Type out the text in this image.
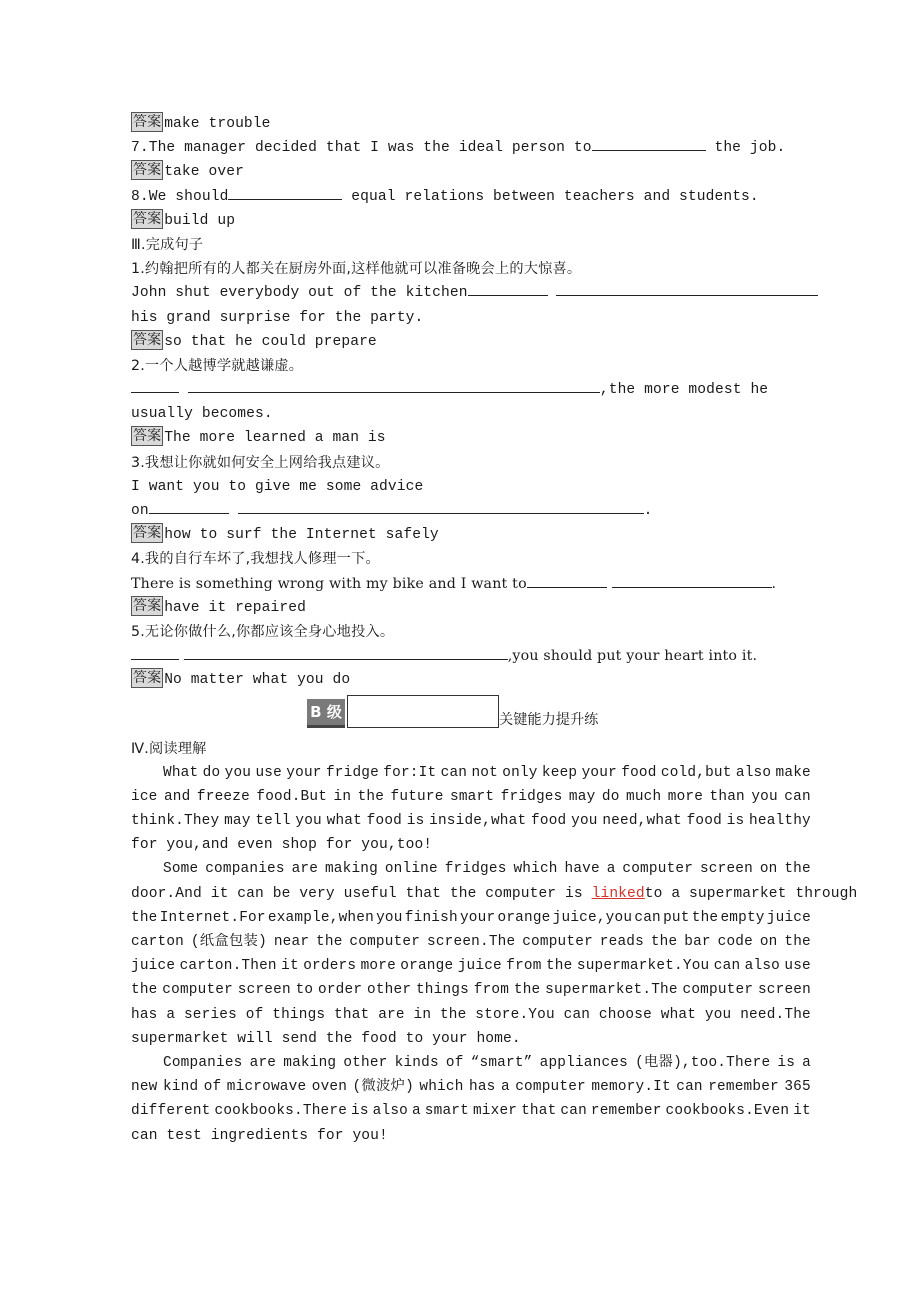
答案 make trouble
7.The manager decided that I was the ideal person to	the job.
答案 take over
8.We should	equal relations between teachers and students.
答案 build up
Ⅲ.完成句子
1.约翰把所有的人都关在厨房外面,这样他就可以准备晚会上的大惊喜。
John shut everybody out of the kitchen
his grand surprise for the party.
答案 so that he could prepare
2.一个人越博学就越谦虚。
,the more modest he
usually becomes.
答案 The more learned a man is
3.我想让你就如何安全上网给我点建议。
I want you to give me some advice
on	.
答案 how to surf the Internet safely
4.我的自行车坏了,我想找人修理一下。
There is something wrong with my bike and I want to	.
答案 have it repaired
5.无论你做什么,你都应该全身心地投入。
,you should put your heart into it.
答案 No matter what you do
Ⅳ.阅读理解
What do you use your fridge for:It can not only keep your food cold,but also make
ice and freeze food.But in the future smart fridges may do much more than you can
think.They may tell you what food is inside,what food you need,what food is healthy
for you,and even shop for you,too!
Some companies are making online fridges which have a computer screen on the
door.And it can be very useful that the computer is linked to a supermarket through
the Internet.For example,when you finish your orange juice,you can put the empty juice
carton (纸盒包装) near the computer screen.The computer reads the bar code on the
juice carton.Then it orders more orange juice from the supermarket.You can also use
the computer screen to order other things from the supermarket.The computer screen
has a series of things that are in the store.You can choose what you need.The
supermarket will send the food to your home.
Companies are making other kinds of “smart” appliances (电器),too.There is a
new kind of microwave oven (微波炉) which has a computer memory.It can remember 365
different cookbooks.There is also a smart mixer that can remember cookbooks.Even it
can test ingredients for you!
B 级	关键能力提升练
